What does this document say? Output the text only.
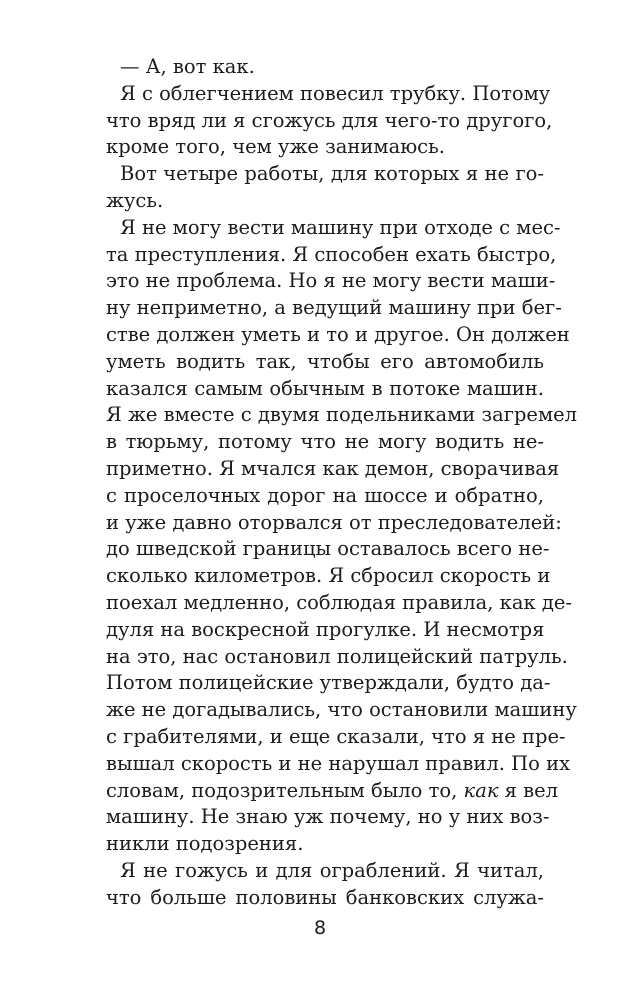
— А, вот как.
Я с облегчением повесил трубку. Потому
что вряд ли я сгожусь для чего-то другого,
кроме того, чем уже занимаюсь.
Вот четыре работы, для которых я не го-
жусь.
Я не могу вести машину при отходе с мес-
та преступления. Я способен ехать быстро,
это не проблема. Но я не могу вести маши-
ну неприметно, а ведущий машину при бег-
стве должен уметь и то и другое. Он должен
уметь водить так, чтобы его автомобиль
казался самым обычным в потоке машин.
Я же вместе с двумя подельниками загремел
в тюрьму, потому что не могу водить не-
приметно. Я мчался как демон, сворачивая
с проселочных дорог на шоссе и обратно,
и уже давно оторвался от преследователей:
до шведской границы оставалось всего не-
сколько километров. Я сбросил скорость и
поехал медленно, соблюдая правила, как де-
дуля на воскресной прогулке. И несмотря
на это, нас остановил полицейский патруль.
Потом полицейские утверждали, будто да-
же не догадывались, что остановили машину
с грабителями, и еще сказали, что я не пре-
вышал скорость и не нарушал правил. По их
словам, подозрительным было то, как я вел
машину. Не знаю уж почему, но у них воз-
никли подозрения.
Я не гожусь и для ограблений. Я читал,
что больше половины банковских служа-
8
